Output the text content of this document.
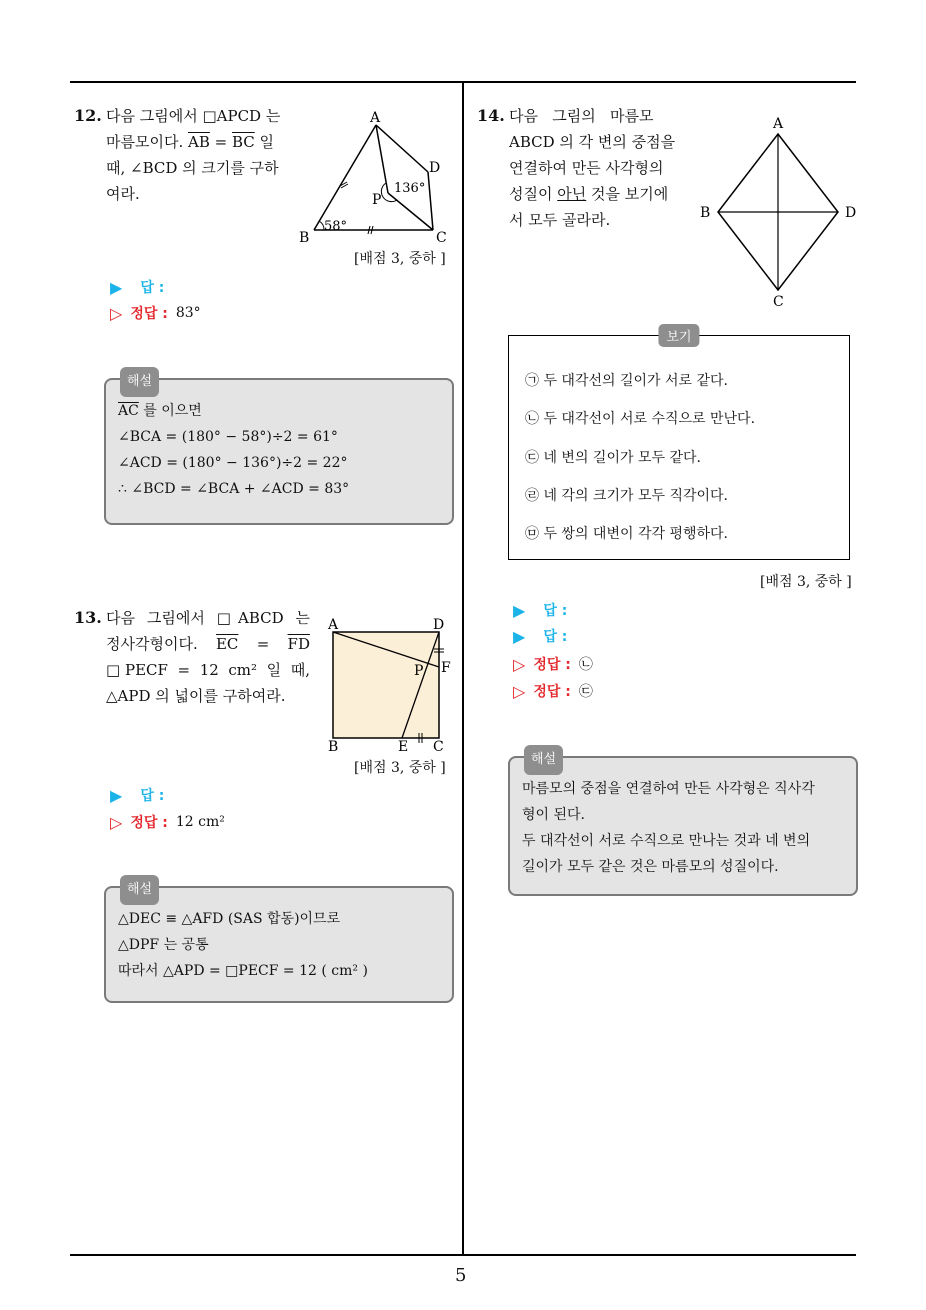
5
12. 다음 그림에서 □APCD 는
마름모이다. $\overline{AB} = \overline{BC}$ 일
때, ∠BCD 의 크기를 구하
여라.
A
B	C
D
P
58°
136°
[배점 3, 중하 ]
▶ 답 :
▷ 정답 : 83°
해설
$\overline{AC}$ 를 이으면
∠BCA = (180° − 58°)÷2 = 61°
∠ACD = (180° − 136°)÷2 = 22°
∴ ∠BCD = ∠BCA + ∠ACD = 83°
13. 다음 그림에서 □ABCD 는
정사각형이다. $\overline{EC} = \overline{FD}$
□PECF = 12 cm² 일 때,
△APD 의 넓이를 구하여라.
A	D
B	E C
F
P
[배점 3, 중하 ]
▶ 답 :
▷ 정답 : 12 cm²
해설
△DEC ≡ △AFD (SAS 합동)이므로
△DPF 는 공통
따라서 △APD = □PECF = 12 ( cm² )
14. 다음   그림의   마름모
ABCD 의 각 변의 중점을
연결하여 만든 사각형의
성질이 아닌 것을 보기에
서 모두 골라라.
A
B
C
D
보기
㉠ 두 대각선의 길이가 서로 같다.
㉡ 두 대각선이 서로 수직으로 만난다.
㉢ 네 변의 길이가 모두 같다.
㉣ 네 각의 크기가 모두 직각이다.
㉤ 두 쌍의 대변이 각각 평행하다.
[배점 3, 중하 ]
▶ 답 :
▶ 답 :
▷ 정답 : ㉡
▷ 정답 : ㉢
해설
마름모의 중점을 연결하여 만든 사각형은 직사각
형이 된다.
두 대각선이 서로 수직으로 만나는 것과 네 변의
길이가 모두 같은 것은 마름모의 성질이다.
